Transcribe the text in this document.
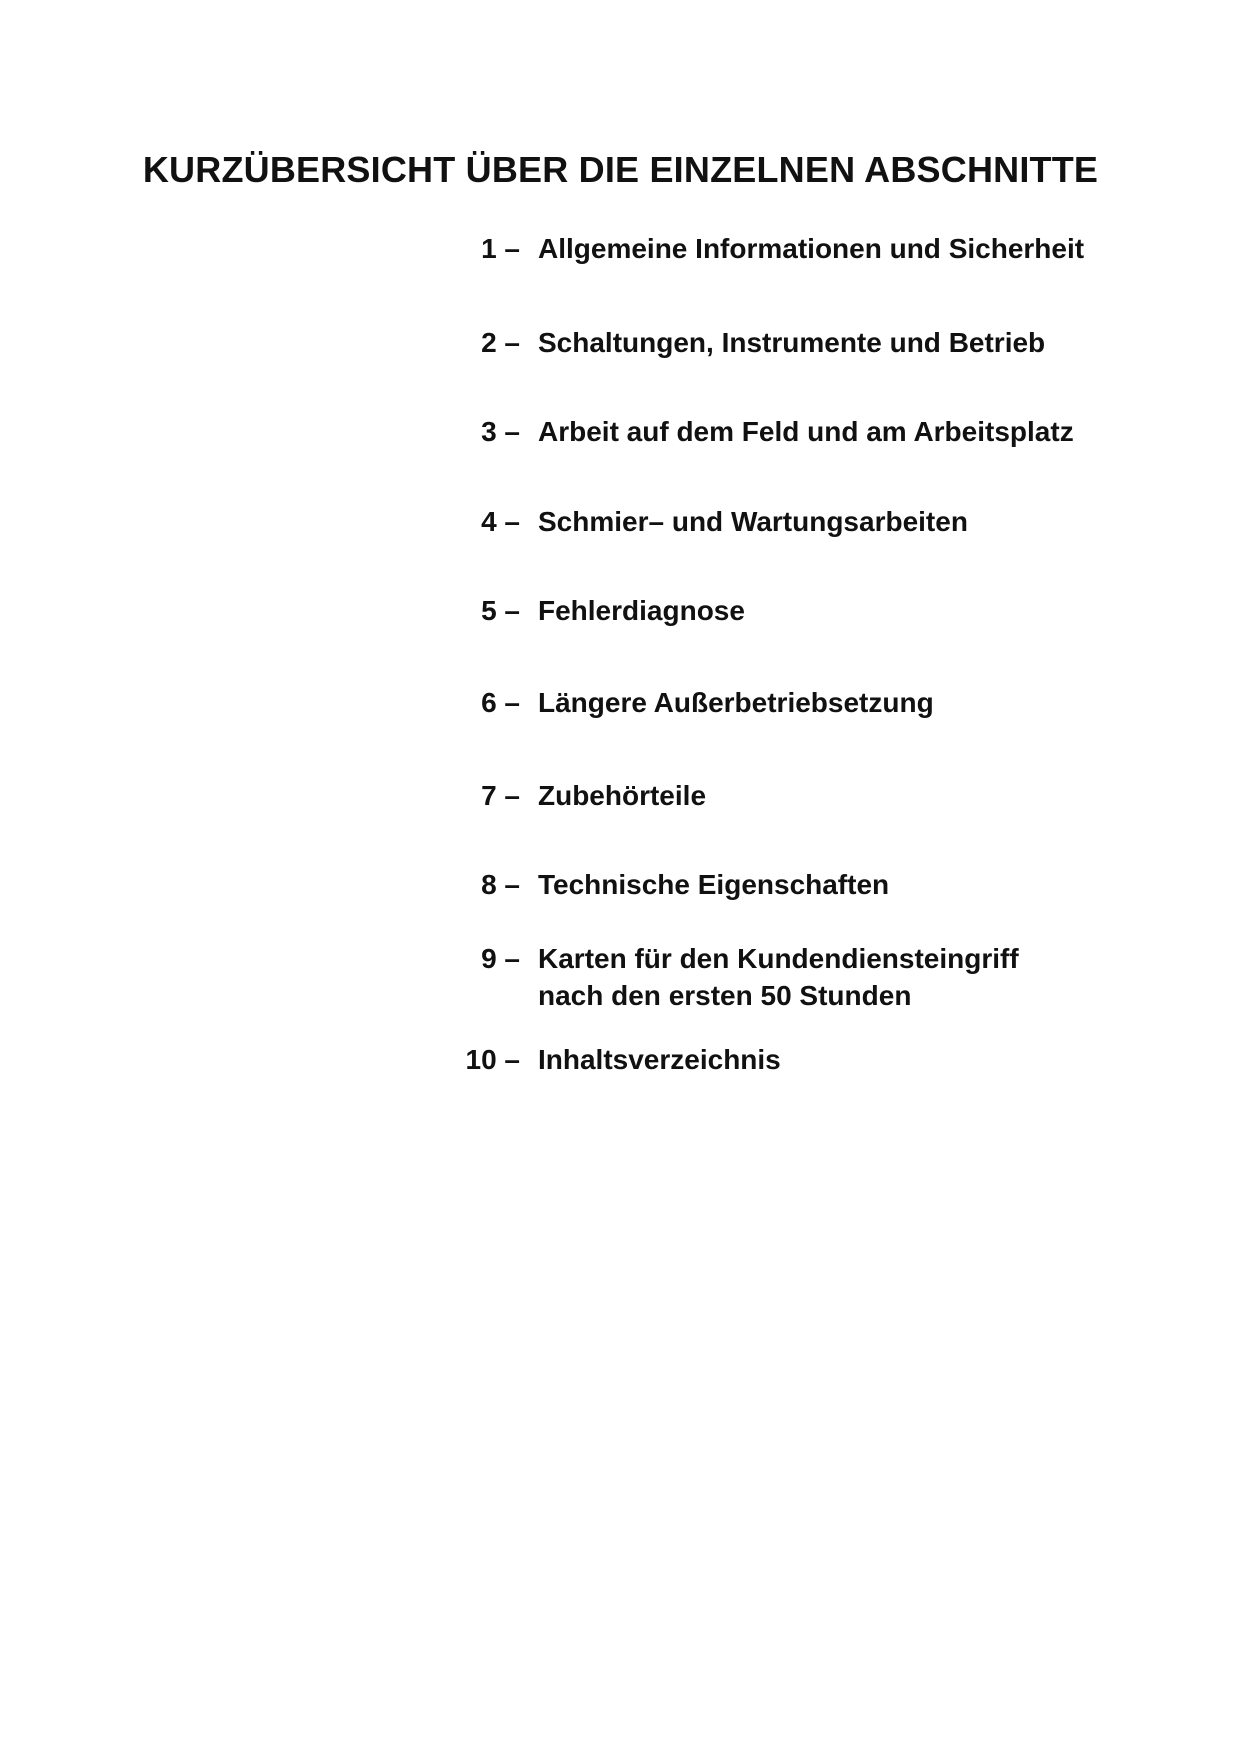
KURZÜBERSICHT ÜBER DIE EINZELNEN ABSCHNITTE
1 – Allgemeine Informationen und Sicherheit
2 – Schaltungen, Instrumente und Betrieb
3 – Arbeit auf dem Feld und am Arbeitsplatz
4 – Schmier– und Wartungsarbeiten
5 – Fehlerdiagnose
6 – Längere Außerbetriebsetzung
7 – Zubehörteile
8 – Technische Eigenschaften
9 – Karten für den Kundendiensteingriff
nach den ersten 50 Stunden
10 – Inhaltsverzeichnis
